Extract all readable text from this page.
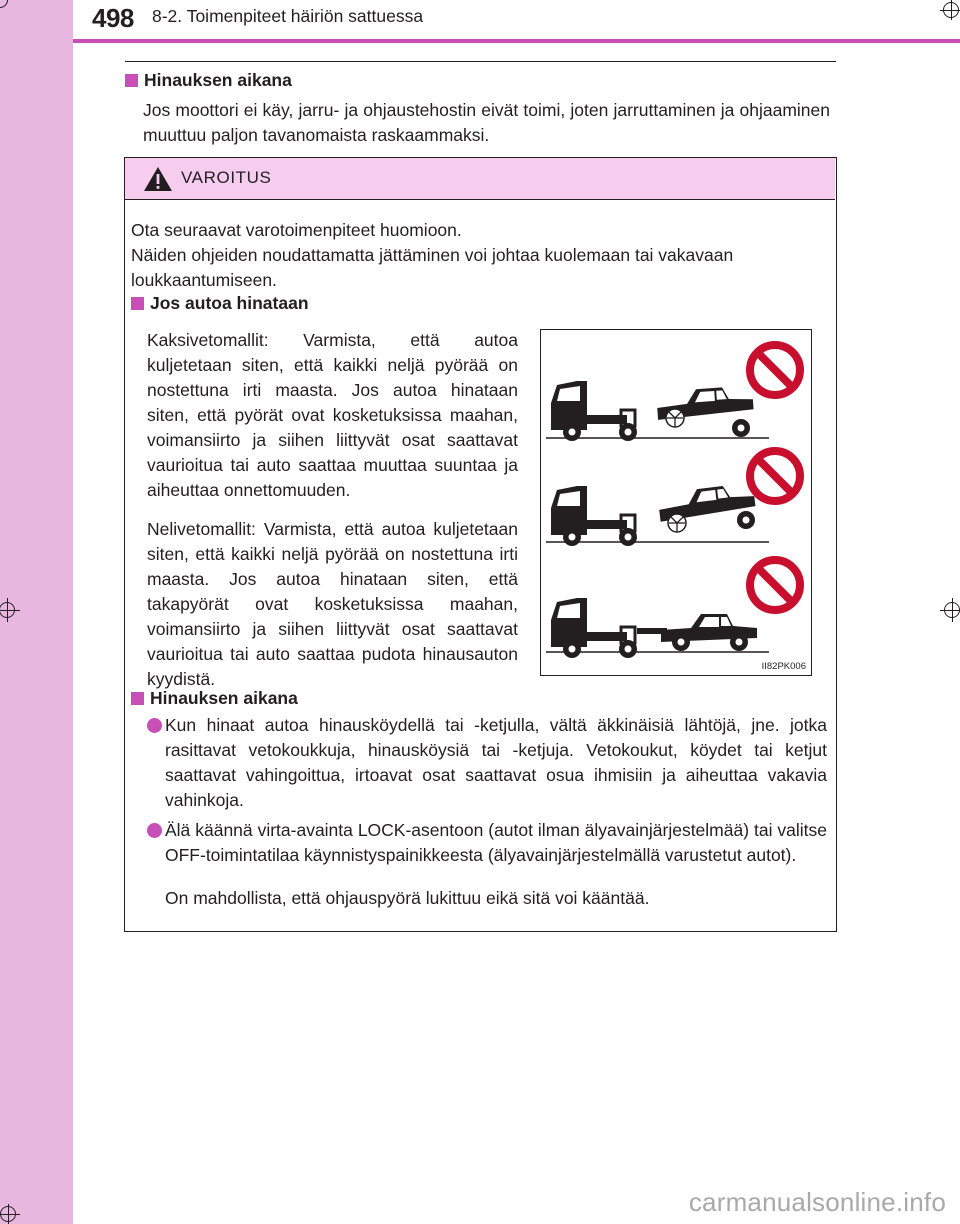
498 8-2. Toimenpiteet häiriön sattuessa
Hinauksen aikana
Jos moottori ei käy, jarru- ja ohjaustehostin eivät toimi, joten jarruttaminen ja ohjaaminen muuttuu paljon tavanomaista raskaammaksi.
VAROITUS
Ota seuraavat varotoimenpiteet huomioon.
Näiden ohjeiden noudattamatta jättäminen voi johtaa kuolemaan tai vakavaan loukkaantumiseen.
Jos autoa hinataan
Kaksivetomallit: Varmista, että autoa kuljetetaan siten, että kaikki neljä pyörää on nostettuna irti maasta. Jos autoa hinataan siten, että pyörät ovat kosketuksissa maahan, voimansiirto ja siihen liittyvät osat saattavat vaurioitua tai auto saattaa muuttaa suuntaa ja aiheuttaa onnettomuuden.
Nelivetomallit: Varmista, että autoa kuljetetaan siten, että kaikki neljä pyörää on nostettuna irti maasta. Jos autoa hinataan siten, että takapyörät ovat kosketuksissa maahan, voimansiirto ja siihen liittyvät osat saattavat vaurioitua tai auto saattaa pudota hinausauton kyydistä.
II82PK006
Hinauksen aikana
Kun hinaat autoa hinausköydellä tai -ketjulla, vältä äkkinäisiä lähtöjä, jne. jotka rasittavat vetokoukkuja, hinausköysiä tai -ketjuja. Vetokoukut, köydet tai ketjut saattavat vahingoittua, irtoavat osat saattavat osua ihmisiin ja aiheuttaa vakavia vahinkoja.
Älä käännä virta-avainta LOCK-asentoon (autot ilman älyavainjärjestelmää) tai valitse OFF-toimintatilaa käynnistyspainikkeesta (älyavainjärjestelmällä varustetut autot).
On mahdollista, että ohjauspyörä lukittuu eikä sitä voi kääntää.
carmanualsonline.info
